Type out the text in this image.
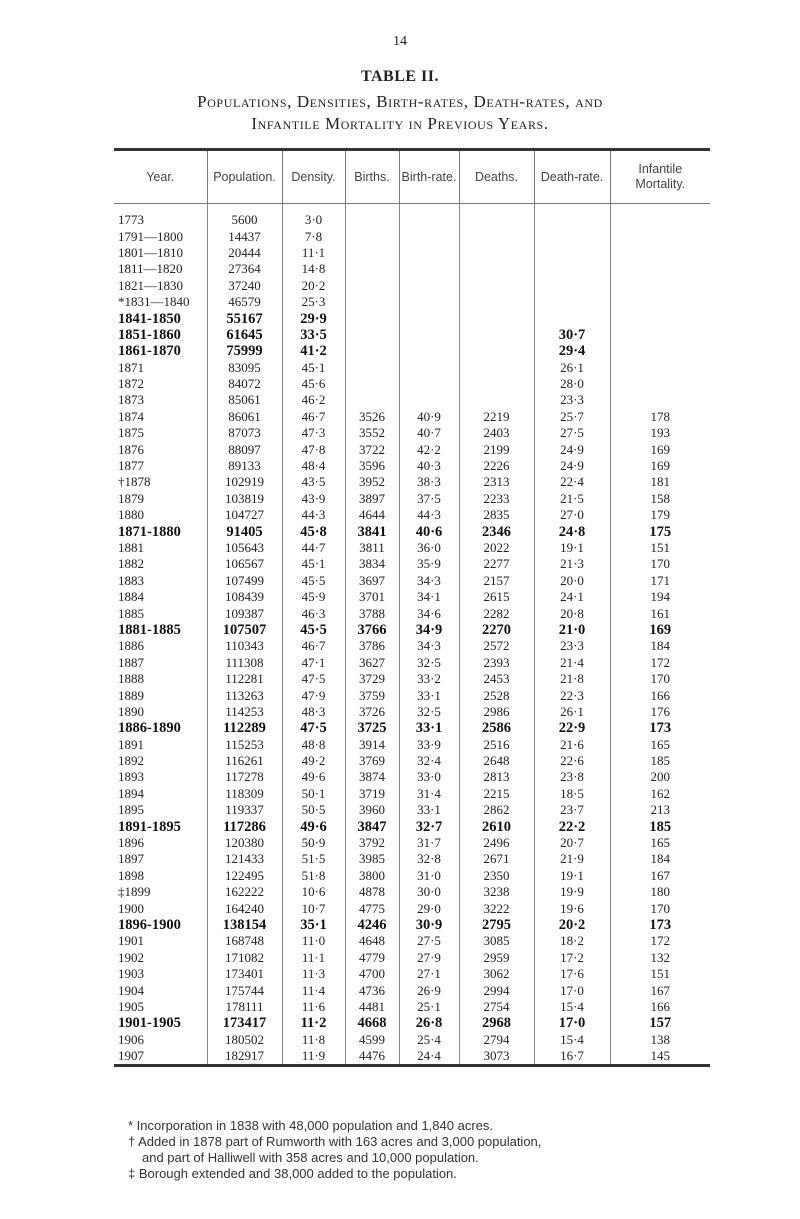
14
TABLE II.
Populations, Densities, Birth-rates, Death-rates, and
Infantile Mortality in Previous Years.
Year.	Population.	Density.	Births.	Birth-rate.	Deaths.	Death-rate.	Infantile Mortality.
1773	5600	3·0					
1791—1800	14437	7·8					
1801—1810	20444	11·1					
1811—1820	27364	14·8					
1821—1830	37240	20·2					
*1831—1840	46579	25·3					
1841-1850	55167	29·9					
1851-1860	61645	33·5				30·7	
1861-1870	75999	41·2				29·4	
1871	83095	45·1				26·1	
1872	84072	45·6				28·0	
1873	85061	46·2				23·3	
1874	86061	46·7	3526	40·9	2219	25·7	178
1875	87073	47·3	3552	40·7	2403	27·5	193
1876	88097	47·8	3722	42·2	2199	24·9	169
1877	89133	48·4	3596	40·3	2226	24·9	169
†1878	102919	43·5	3952	38·3	2313	22·4	181
1879	103819	43·9	3897	37·5	2233	21·5	158
1880	104727	44·3	4644	44·3	2835	27·0	179
1871-1880	91405	45·8	3841	40·6	2346	24·8	175
1881	105643	44·7	3811	36·0	2022	19·1	151
1882	106567	45·1	3834	35·9	2277	21·3	170
1883	107499	45·5	3697	34·3	2157	20·0	171
1884	108439	45·9	3701	34·1	2615	24·1	194
1885	109387	46·3	3788	34·6	2282	20·8	161
1881-1885	107507	45·5	3766	34·9	2270	21·0	169
1886	110343	46·7	3786	34·3	2572	23·3	184
1887	111308	47·1	3627	32·5	2393	21·4	172
1888	112281	47·5	3729	33·2	2453	21·8	170
1889	113263	47·9	3759	33·1	2528	22·3	166
1890	114253	48·3	3726	32·5	2986	26·1	176
1886-1890	112289	47·5	3725	33·1	2586	22·9	173
1891	115253	48·8	3914	33·9	2516	21·6	165
1892	116261	49·2	3769	32·4	2648	22·6	185
1893	117278	49·6	3874	33·0	2813	23·8	200
1894	118309	50·1	3719	31·4	2215	18·5	162
1895	119337	50·5	3960	33·1	2862	23·7	213
1891-1895	117286	49·6	3847	32·7	2610	22·2	185
1896	120380	50·9	3792	31·7	2496	20·7	165
1897	121433	51·5	3985	32·8	2671	21·9	184
1898	122495	51·8	3800	31·0	2350	19·1	167
‡1899	162222	10·6	4878	30·0	3238	19·9	180
1900	164240	10·7	4775	29·0	3222	19·6	170
1896-1900	138154	35·1	4246	30·9	2795	20·2	173
1901	168748	11·0	4648	27·5	3085	18·2	172
1902	171082	11·1	4779	27·9	2959	17·2	132
1903	173401	11·3	4700	27·1	3062	17·6	151
1904	175744	11·4	4736	26·9	2994	17·0	167
1905	178111	11·6	4481	25·1	2754	15·4	166
1901-1905	173417	11·2	4668	26·8	2968	17·0	157
1906	180502	11·8	4599	25·4	2794	15·4	138
1907	182917	11·9	4476	24·4	3073	16·7	145

* Incorporation in 1838 with 48,000 population and 1,840 acres.

† Added in 1878 part of Rumworth with 163 acres and 3,000 population,

and part of Halliwell with 358 acres and 10,000 population.

‡ Borough extended and 38,000 added to the population.
